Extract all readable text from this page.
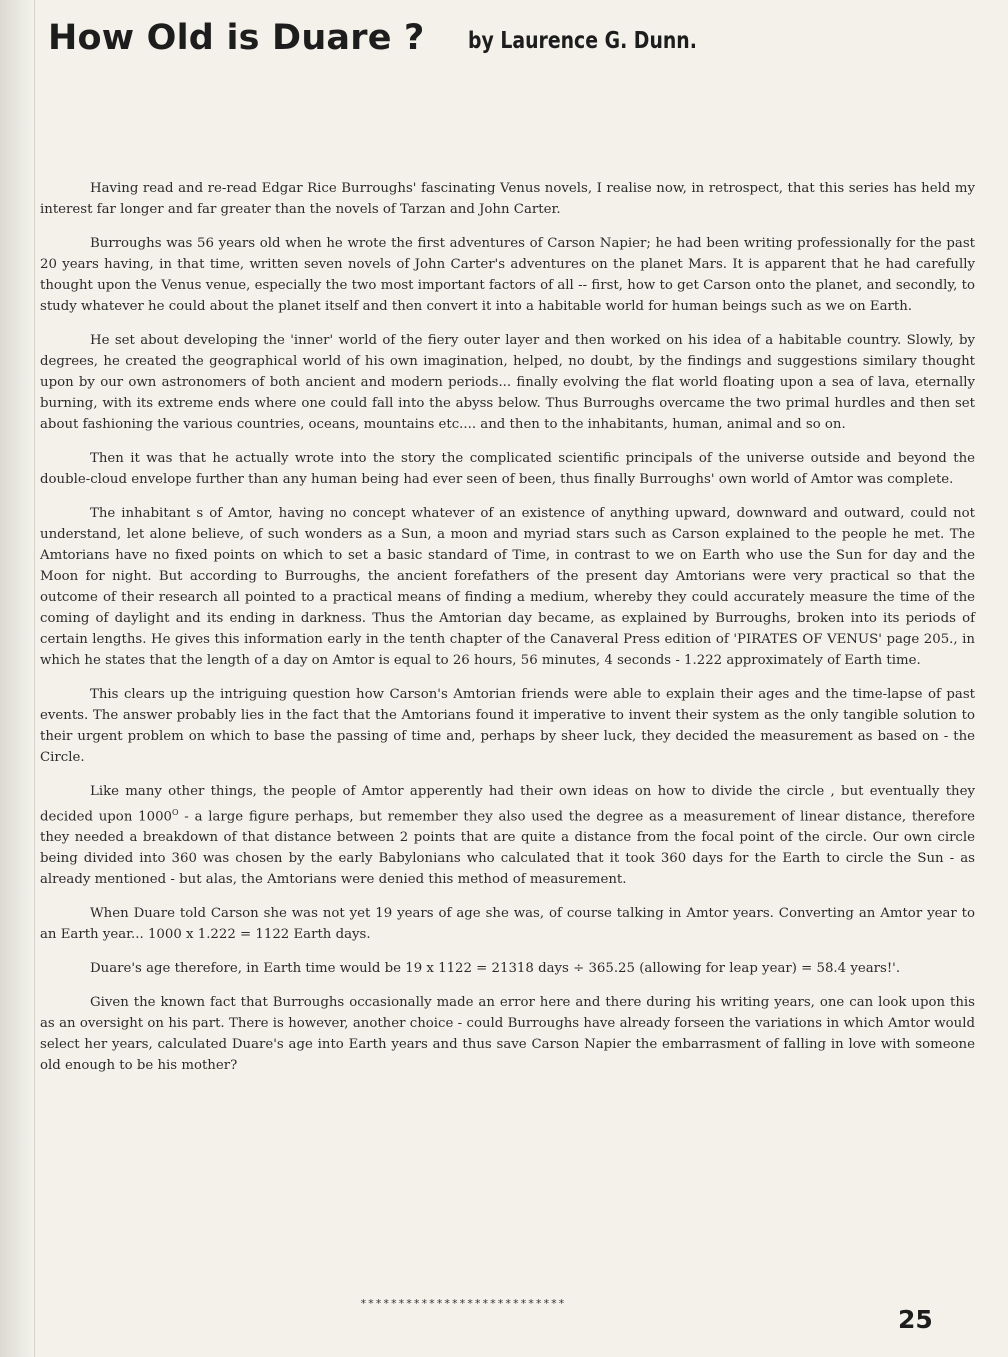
How Old is Duare ? by Laurence G. Dunn.

Having read and re-read Edgar Rice Burroughs' fascinating Venus novels, I realise now, in retrospect, that this series has held my interest far longer and far greater than the novels of Tarzan and John Carter.

Burroughs was 56 years old when he wrote the first adventures of Carson Napier; he had been writing professionally for the past 20 years having, in that time, written seven novels of John Carter's adventures on the planet Mars. It is apparent that he had carefully thought upon the Venus venue, especially the two most important factors of all -- first, how to get Carson onto the planet, and secondly, to study whatever he could about the planet itself and then convert it into a habitable world for human beings such as we on Earth.

He set about developing the 'inner' world of the fiery outer layer and then worked on his idea of a habitable country. Slowly, by degrees, he created the geographical world of his own imagination, helped, no doubt, by the findings and suggestions similary thought upon by our own astronomers of both ancient and modern periods... finally evolving the flat world floating upon a sea of lava, eternally burning, with its extreme ends where one could fall into the abyss below. Thus Burroughs overcame the two primal hurdles and then set about fashioning the various countries, oceans, mountains etc.... and then to the inhabitants, human, animal and so on.

Then it was that he actually wrote into the story the complicated scientific principals of the universe outside and beyond the double-cloud envelope further than any human being had ever seen of been, thus finally Burroughs' own world of Amtor was complete.

The inhabitant s of Amtor, having no concept whatever of an existence of anything upward, downward and outward, could not understand, let alone believe, of such wonders as a Sun, a moon and myriad stars such as Carson explained to the people he met. The Amtorians have no fixed points on which to set a basic standard of Time, in contrast to we on Earth who use the Sun for day and the Moon for night. But according to Burroughs, the ancient forefathers of the present day Amtorians were very practical so that the outcome of their research all pointed to a practical means of finding a medium, whereby they could accurately measure the time of the coming of daylight and its ending in darkness. Thus the Amtorian day became, as explained by Burroughs, broken into its periods of certain lengths. He gives this information early in the tenth chapter of the Canaveral Press edition of 'PIRATES OF VENUS' page 205., in which he states that the length of a day on Amtor is equal to 26 hours, 56 minutes, 4 seconds - 1.222 approximately of Earth time.

This clears up the intriguing question how Carson's Amtorian friends were able to explain their ages and the time-lapse of past events. The answer probably lies in the fact that the Amtorians found it imperative to invent their system as the only tangible solution to their urgent problem on which to base the passing of time and, perhaps by sheer luck, they decided the measurement as based on - the Circle.

Like many other things, the people of Amtor apperently had their own ideas on how to divide the circle , but eventually they decided upon $1000^O$ - a large figure perhaps, but remember they also used the degree as a measurement of linear distance, therefore they needed a breakdown of that distance between 2 points that are quite a distance from the focal point of the circle. Our own circle being divided into 360 was chosen by the early Babylonians who calculated that it took 360 days for the Earth to circle the Sun - as already mentioned - but alas, the Amtorians were denied this method of measurement.

When Duare told Carson she was not yet 19 years of age she was, of course talking in Amtor years. Converting an Amtor year to an Earth year... 1000 x 1.222 = 1122 Earth days.

Duare's age therefore, in Earth time would be 19 x 1122 = 21318 days ÷ 365.25 (allowing for leap year) = 58.4 years!'.

Given the known fact that Burroughs occasionally made an error here and there during his writing years, one can look upon this as an oversight on his part. There is however, another choice - could Burroughs have already forseen the variations in which Amtor would select her years, calculated Duare's age into Earth years and thus save Carson Napier the embarrasment of falling in love with someone old enough to be his mother?

***************************
25
